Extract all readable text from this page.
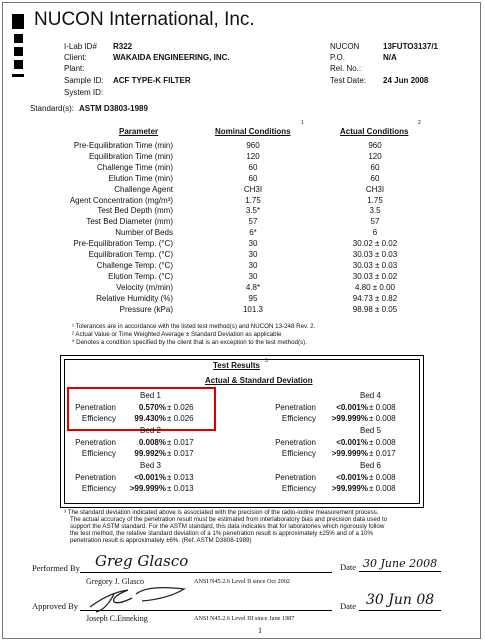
NUCON International, Inc.
I-Lab ID# R322
Client:	WAKAIDA ENGINEERING, INC.
Plant:
Sample ID: ACF TYPE-K FILTER
System ID:
NUCON	13FUTO3137/1
P.O.	N/A
Rel. No.:
Test Date: 24 Jun 2008
Standard(s): ASTM D3803-1989
Parameter	Nominal Conditions
1
Actual Conditions
2
Pre-Equilibration Time (min)	960	960
Equilibration Time (min)	120	120
Challenge Time (min)	60	60
Elution Time (min)	60	60
Challenge Agent	CH3I	CH3I
Agent Concentration (mg/m³)	1.75	1.75
Test Bed Depth (mm)	3.5*	3.5
Test Bed Diameter (mm)	57	57
Number of Beds	6*	6
Pre-Equilibration Temp. (°C)	30	30.02 ± 0.02
Equilibration Temp. (°C)	30	30.03 ± 0.03
Challenge Temp. (°C)	30	30.03 ± 0.03
Elution Temp. (°C)	30	30.03 ± 0.02
Velocity (m/min)	4.8*	4.80 ± 0.00
Relative Humidity (%)	95	94.73 ± 0.82
Pressure (kPa)	101.3	98.98 ± 0.05
¹ Tolerances are in accordance with the listed test method(s) and NUCON 13-248 Rev. 2.
² Actual Value or Time Weighted Average ± Standard Deviation as applicable
* Denotes a condition specified by the client that is an exception to the test method(s).
Test Results 3
Actual & Standard Deviation
Bed 1
Penetration	0.570% ± 0.026
Efficiency	99.430% ± 0.026
Bed 2
Penetration	0.008% ± 0.017
Efficiency	99.992% ± 0.017
Bed 3
Penetration	<0.001% ± 0.013
Efficiency	>99.999% ± 0.013
Bed 4
Penetration	<0.001% ± 0.008
Efficiency	>99.999% ± 0.008
Bed 5
Penetration	<0.001% ± 0.008
Efficiency	>99.999% ± 0.017
Bed 6
Penetration	<0.001% ± 0.008
Efficiency	>99.999% ± 0.008
³ The standard deviation indicated above is associated with the precision of the radio-iodine measurement process.
The actual accuracy of the penetration result must be estimated from interlaboratory bias and precision data used to
support the ASTM standard. For the ASTM standard, this data indicates that for laboratories which rigorously follow
the test method, the relative standard deviation of a 1% penetration result is approximately ±25% and of a 10%
penetration result is approximately ±6%. (Ref. ASTM D3808-1989)
Performed By Greg Glasco
Gregory J. Glasco	ANSI N45.2.6 Level II since Oct 2002
Date 30 June 2008
Approved By
Joseph C.Enneking	ANSI N45.2.6 Level III since June 1987
Date 30 Jun 08
1
